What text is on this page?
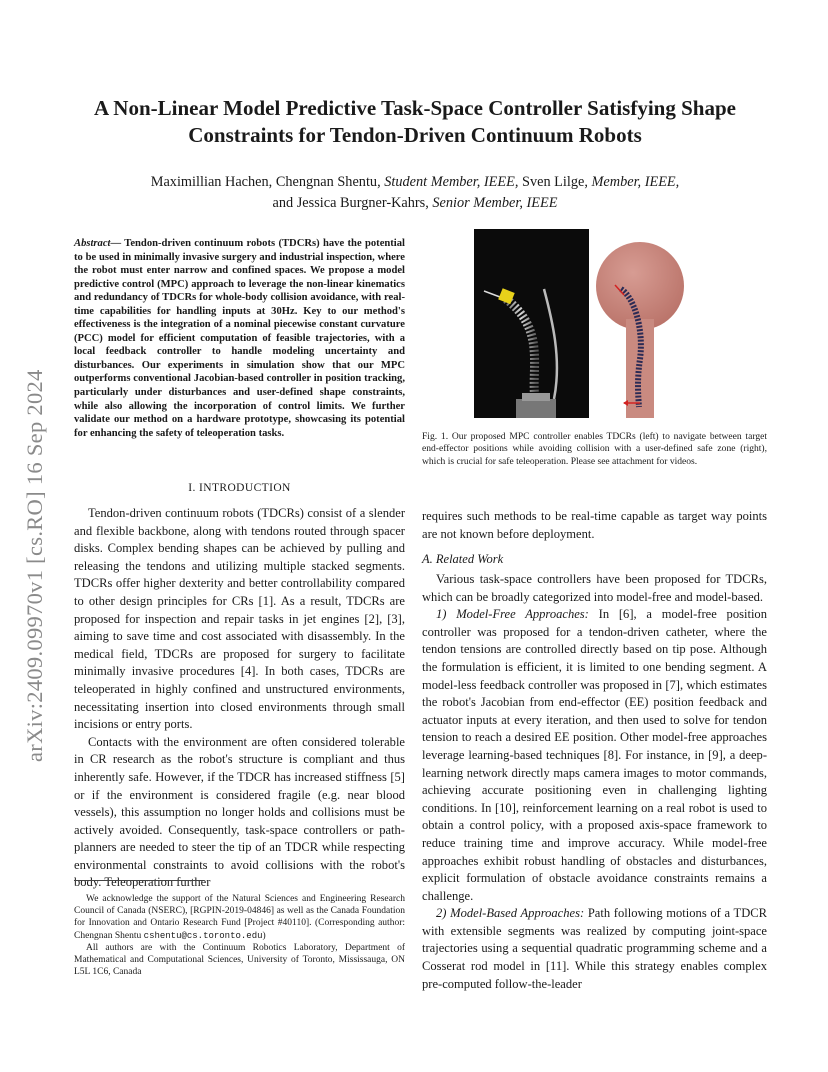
arXiv:2409.09970v1 [cs.RO] 16 Sep 2024
A Non-Linear Model Predictive Task-Space Controller Satisfying Shape Constraints for Tendon-Driven Continuum Robots
Maximillian Hachen, Chengnan Shentu, Student Member, IEEE, Sven Lilge, Member, IEEE,
and Jessica Burgner-Kahrs, Senior Member, IEEE
Abstract— Tendon-driven continuum robots (TDCRs) have the potential to be used in minimally invasive surgery and industrial inspection, where the robot must enter narrow and confined spaces. We propose a model predictive control (MPC) approach to leverage the non-linear kinematics and redundancy of TDCRs for whole-body collision avoidance, with real-time capabilities for handling inputs at 30Hz. Key to our method's effectiveness is the integration of a nominal piecewise constant curvature (PCC) model for efficient computation of feasible trajectories, with a local feedback controller to handle modeling uncertainty and disturbances. Our experiments in simulation show that our MPC outperforms conventional Jacobian-based controller in position tracking, particularly under disturbances and user-defined shape constraints, while also allowing the incorporation of control limits. We further validate our method on a hardware prototype, showcasing its potential for enhancing the safety of teleoperation tasks.	Fig. 1. Our proposed MPC controller enables TDCRs (left) to navigate between target end-effector positions while avoiding collision with a user-defined safe zone (right), which is crucial for safe teleoperation. Please see attachment for videos.
I. INTRODUCTION

Tendon-driven continuum robots (TDCRs) consist of a slender and flexible backbone, along with tendons routed through spacer disks. Complex bending shapes can be achieved by pulling and releasing the tendons and utilizing multiple stacked segments. TDCRs offer higher dexterity and better controllability compared to other design principles for CRs [1]. As a result, TDCRs are proposed for inspection and repair tasks in jet engines [2], [3], aiming to save time and cost associated with disassembly. In the medical field, TDCRs are proposed for surgery to facilitate minimally invasive procedures [4]. In both cases, TDCRs are teleoperated in highly confined and unstructured environments, necessitating insertion into closed environments through small incisions or entry ports.

Contacts with the environment are often considered tolerable in CR research as the robot's structure is compliant and thus inherently safe. However, if the TDCR has increased stiffness [5] or if the environment is considered fragile (e.g. near blood vessels), this assumption no longer holds and collisions must be actively avoided. Consequently, task-space controllers or path-planners are needed to steer the tip of an TDCR while respecting environmental constraints to avoid collisions with the robot's body. Teleoperation further

We acknowledge the support of the Natural Sciences and Engineering Research Council of Canada (NSERC), [RGPIN-2019-04846] as well as the Canada Foundation for Innovation and Ontario Research Fund [Project #40110]. (Corresponding author: Chengnan Shentu cshentu@cs.toronto.edu)

All authors are with the Continuum Robotics Laboratory, Department of Mathematical and Computational Sciences, University of Toronto, Mississauga, ON L5L 1C6, Canada

requires such methods to be real-time capable as target way points are not known before deployment.

A. Related Work

Various task-space controllers have been proposed for TDCRs, which can be broadly categorized into model-free and model-based.

1) Model-Free Approaches: In [6], a model-free position controller was proposed for a tendon-driven catheter, where the tendon tensions are controlled directly based on tip pose. Although the formulation is efficient, it is limited to one bending segment. A model-less feedback controller was proposed in [7], which estimates the robot's Jacobian from end-effector (EE) position feedback and actuator inputs at every iteration, and then used to solve for tendon tension to reach a desired EE position. Other model-free approaches leverage learning-based techniques [8]. For instance, in [9], a deep-learning network directly maps camera images to motor commands, achieving accurate positioning even in challenging lighting conditions. In [10], reinforcement learning on a real robot is used to obtain a control policy, with a proposed axis-space framework to reduce training time and improve accuracy. While model-free approaches exhibit robust handling of obstacles and disturbances, explicit formulation of obstacle avoidance constraints remains a challenge.

2) Model-Based Approaches: Path following motions of a TDCR with extensible segments was realized by computing joint-space trajectories using a sequential quadratic programming scheme and a Cosserat rod model in [11]. While this strategy enables complex pre-computed follow-the-leader
